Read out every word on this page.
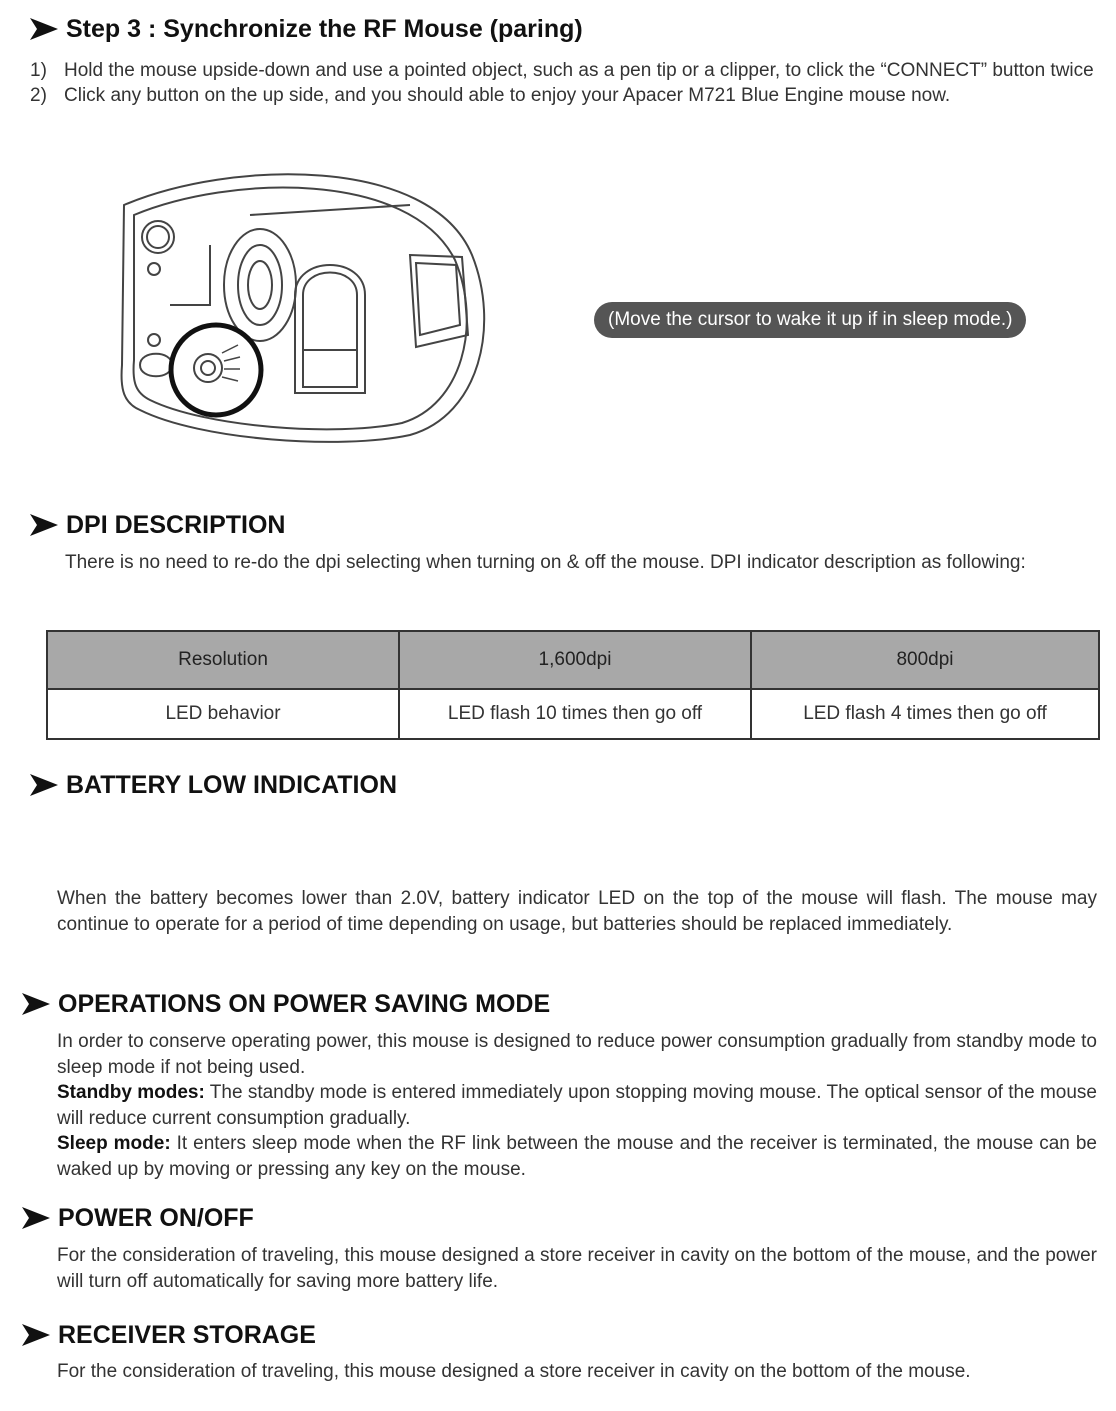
Step 3 : Synchronize the RF Mouse (paring)
1) Hold the mouse upside-down and use a pointed object, such as a pen tip or a clipper, to click the “CONNECT” button twice
2) Click any button on the up side, and you should able to enjoy your Apacer M721 Blue Engine mouse now.
(Move the cursor to wake it up if in sleep mode.)
DPI DESCRIPTION
There is no need to re-do the dpi selecting when turning on & off the mouse. DPI indicator description as following:
Resolution	1,600dpi	800dpi
LED behavior	LED flash 10 times then go off	LED flash 4 times then go off
BATTERY LOW INDICATION
When the battery becomes lower than 2.0V, battery indicator LED on the top of the mouse will flash. The mouse may continue to operate for a period of time depending on usage, but batteries should be replaced immediately.
OPERATIONS ON POWER SAVING MODE
In order to conserve operating power, this mouse is designed to reduce power consumption gradually from standby mode to sleep mode if not being used.
Standby modes: The standby mode is entered immediately upon stopping moving mouse. The optical sensor of the mouse will reduce current consumption gradually.
Sleep mode: It enters sleep mode when the RF link between the mouse and the receiver is terminated, the mouse can be waked up by moving or pressing any key on the mouse.
POWER ON/OFF
For the consideration of traveling, this mouse designed a store receiver in cavity on the bottom of the mouse, and the power will turn off automatically for saving more battery life.
RECEIVER STORAGE
For the consideration of traveling, this mouse designed a store receiver in cavity on the bottom of the mouse.
